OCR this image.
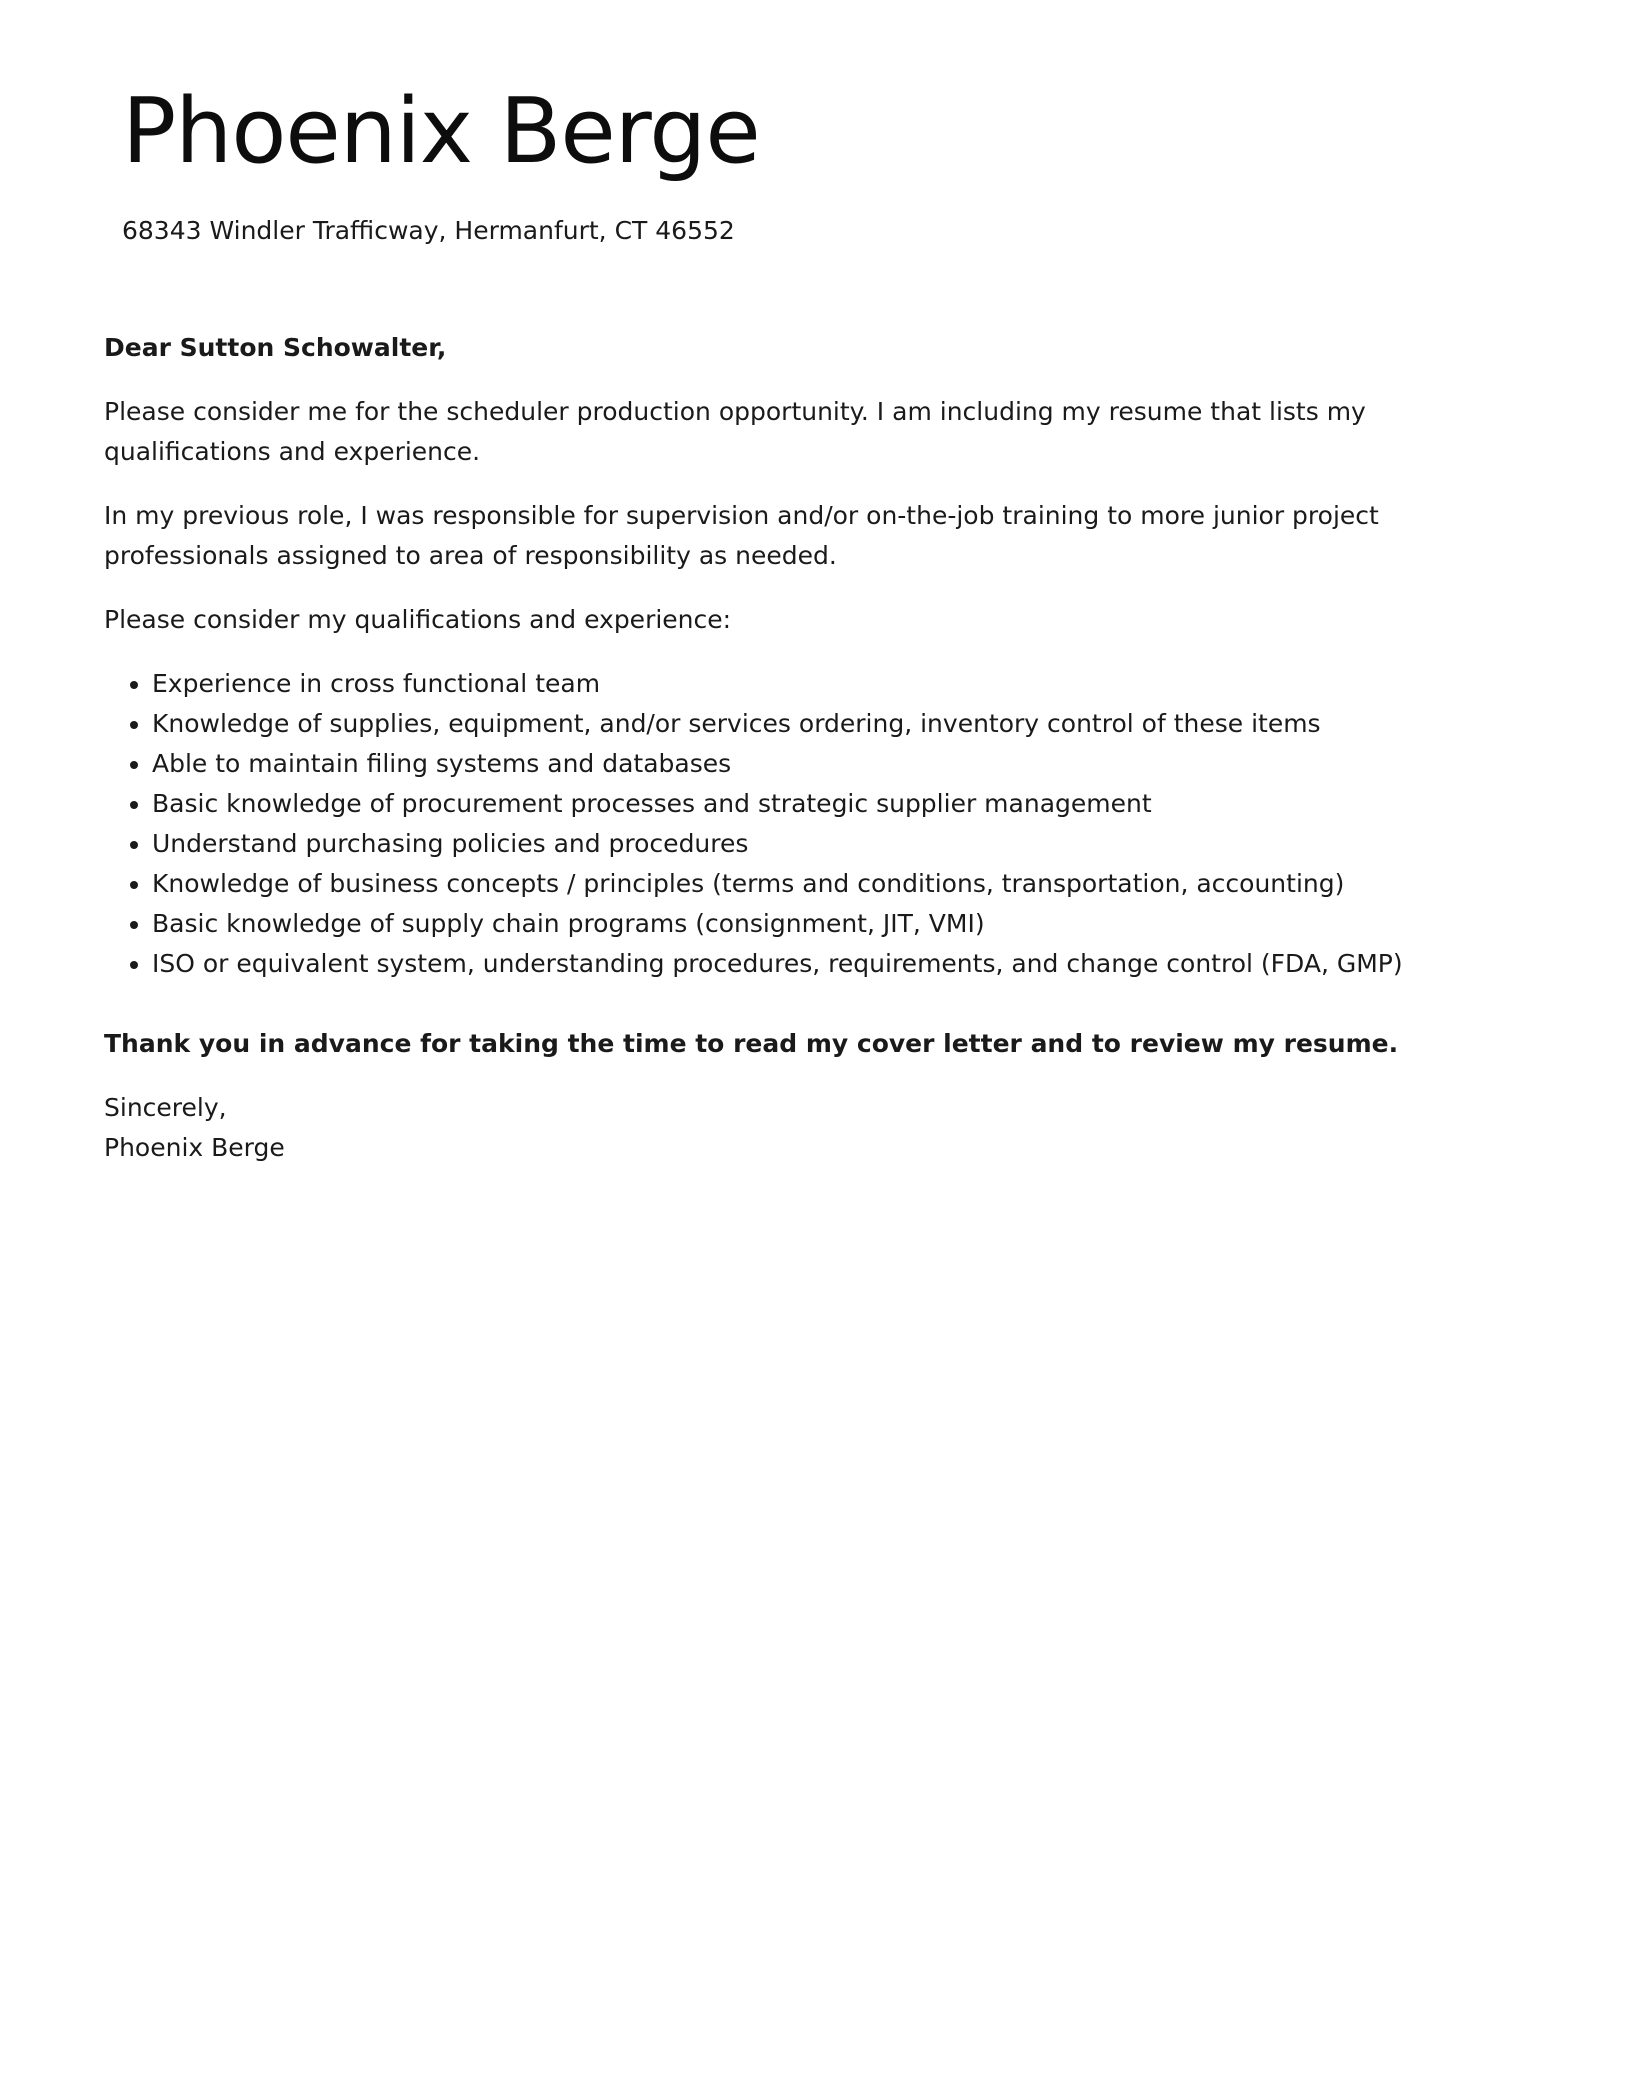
Phoenix Berge
68343 Windler Trafficway, Hermanfurt, CT 46552

Dear Sutton Schowalter,

Please consider me for the scheduler production opportunity. I am including my resume that lists my qualifications and experience.

In my previous role, I was responsible for supervision and/or on-the-job training to more junior project professionals assigned to area of responsibility as needed.

Please consider my qualifications and experience:

• Experience in cross functional team
• Knowledge of supplies, equipment, and/or services ordering, inventory control of these items
• Able to maintain filing systems and databases
• Basic knowledge of procurement processes and strategic supplier management
• Understand purchasing policies and procedures
• Knowledge of business concepts / principles (terms and conditions, transportation, accounting)
• Basic knowledge of supply chain programs (consignment, JIT, VMI)
• ISO or equivalent system, understanding procedures, requirements, and change control (FDA, GMP)

Thank you in advance for taking the time to read my cover letter and to review my resume.

Sincerely,

Phoenix Berge
